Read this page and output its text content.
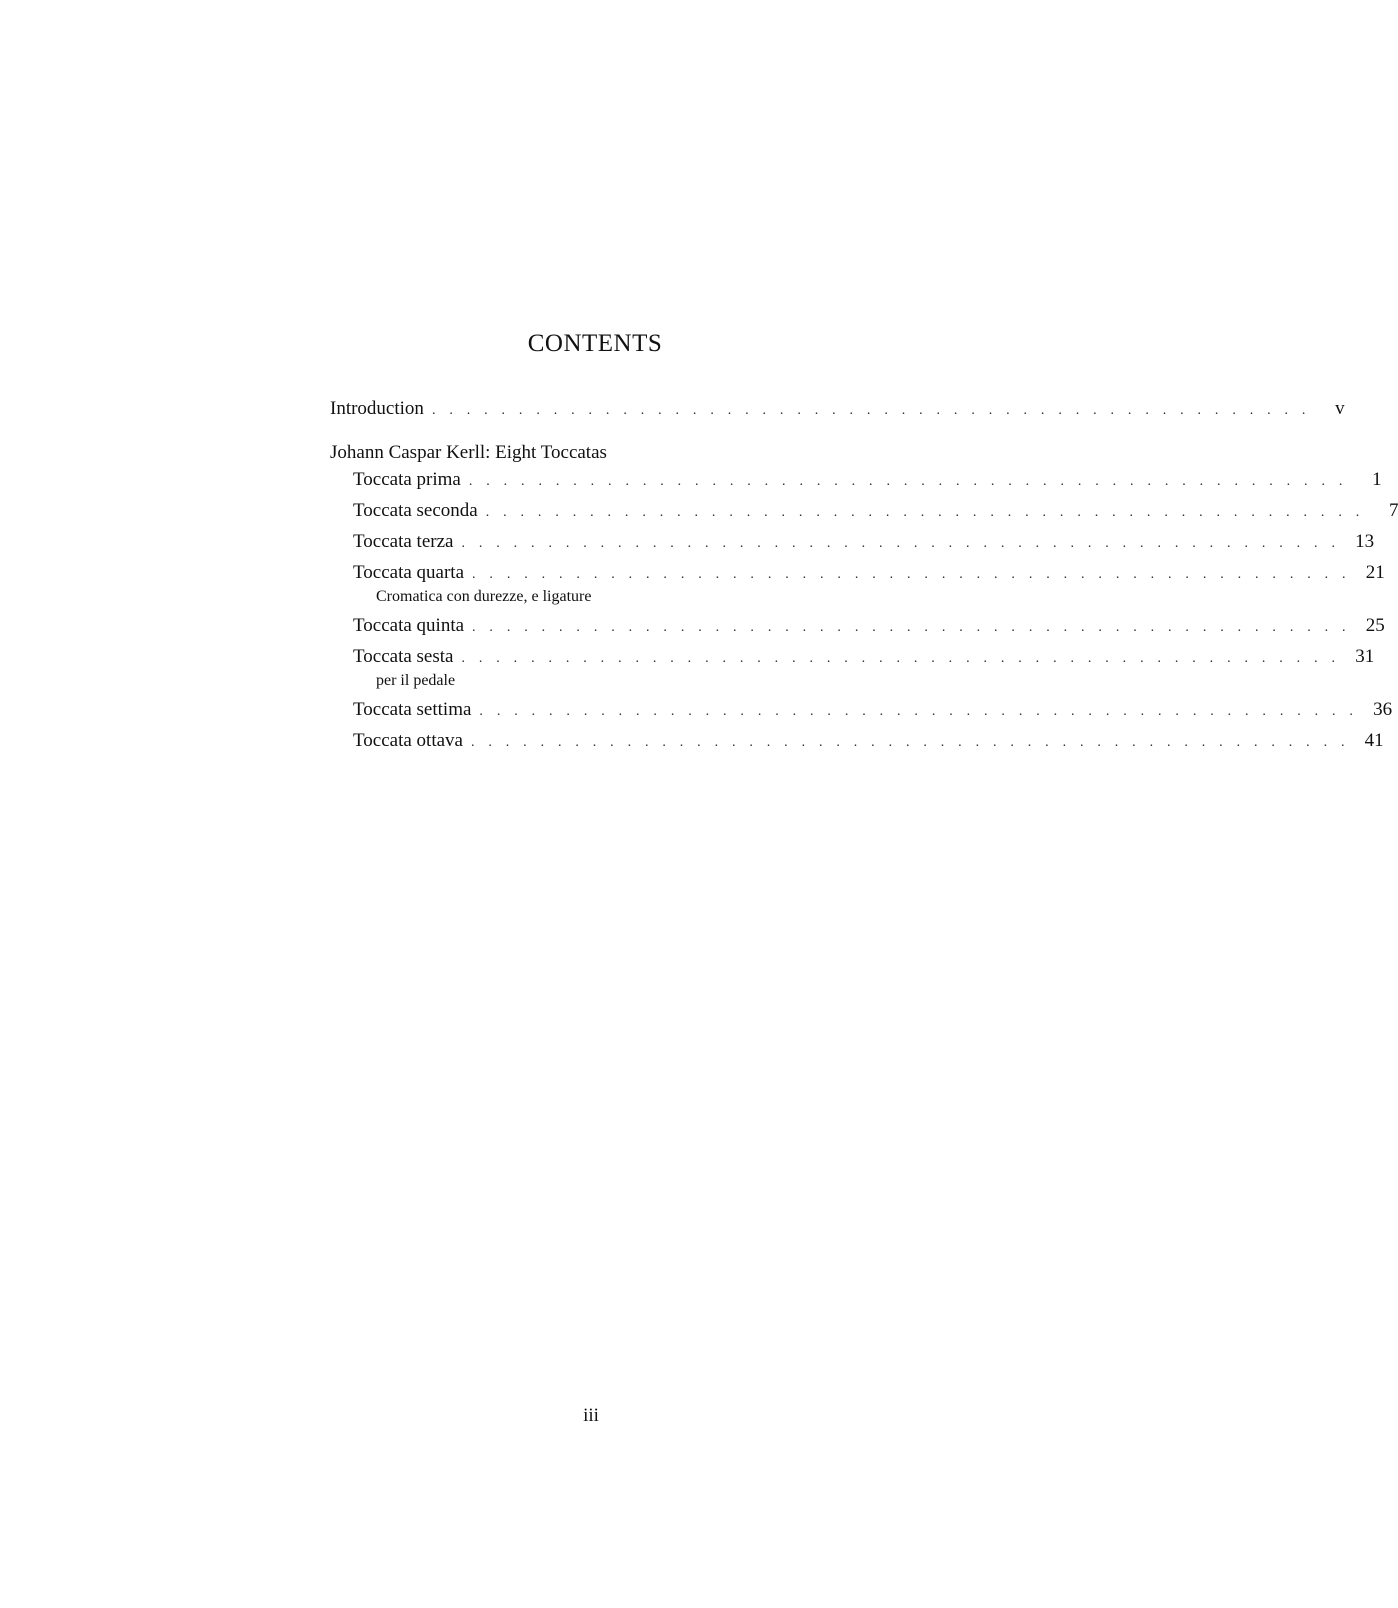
CONTENTS
Introduction . . . . . . . . . . . . . . . . . . . . . . . . . . . . . . . . . . . . . . . . . . . . . . . . . . .	v
Johann Caspar Kerll: Eight Toccatas
Toccata prima . . . . . . . . . . . . . . . . . . . . . . . . . . . . . . . . . . . . . . . . . . . . . . . . . . .	1
Toccata seconda . . . . . . . . . . . . . . . . . . . . . . . . . . . . . . . . . . . . . . . . . . . . . . . . . . .	7
Toccata terza . . . . . . . . . . . . . . . . . . . . . . . . . . . . . . . . . . . . . . . . . . . . . . . . . . . 13
Toccata quarta . . . . . . . . . . . . . . . . . . . . . . . . . . . . . . . . . . . . . . . . . . . . . . . . . . . 21
Cromatica con durezze, e ligature
Toccata quinta . . . . . . . . . . . . . . . . . . . . . . . . . . . . . . . . . . . . . . . . . . . . . . . . . . . 25
Toccata sesta . . . . . . . . . . . . . . . . . . . . . . . . . . . . . . . . . . . . . . . . . . . . . . . . . . . 31
per il pedale
Toccata settima . . . . . . . . . . . . . . . . . . . . . . . . . . . . . . . . . . . . . . . . . . . . . . . . . . . 36
Toccata ottava . . . . . . . . . . . . . . . . . . . . . . . . . . . . . . . . . . . . . . . . . . . . . . . . . . . 41
iii
